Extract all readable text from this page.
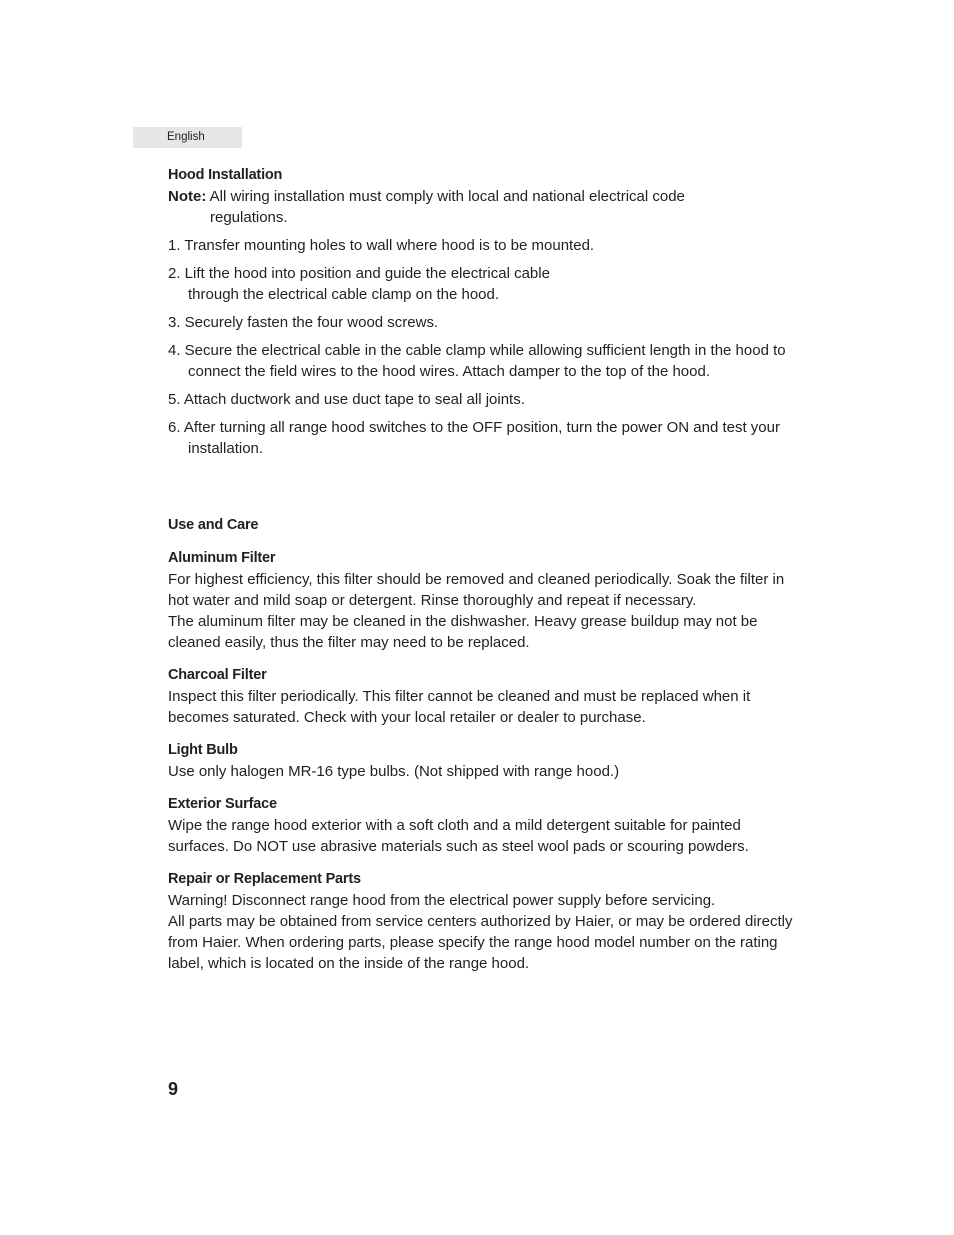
English
Hood Installation

Note: All wiring installation must comply with local and national electrical code regulations.

1. Transfer mounting holes to wall where hood is to be mounted.
2. Lift the hood into position and guide the electrical cable through the electrical cable clamp on the hood.
3. Securely fasten the four wood screws.
4. Secure the electrical cable in the cable clamp while allowing sufficient length in the hood to connect the field wires to the hood wires. Attach damper to the top of the hood.
5. Attach ductwork and use duct tape to seal all joints.
6. After turning all range hood switches to the OFF position, turn the power ON and test your installation.
Use and Care
Aluminum Filter

For highest efficiency, this filter should be removed and cleaned periodically. Soak the filter in hot water and mild soap or detergent. Rinse thoroughly and repeat if necessary.

The aluminum filter may be cleaned in the dishwasher. Heavy grease buildup may not be cleaned easily, thus the filter may need to be replaced.

Charcoal Filter

Inspect this filter periodically. This filter cannot be cleaned and must be replaced when it becomes saturated. Check with your local retailer or dealer to purchase.

Light Bulb

Use only halogen MR-16 type bulbs. (Not shipped with range hood.)

Exterior Surface

Wipe the range hood exterior with a soft cloth and a mild detergent suitable for painted surfaces. Do NOT use abrasive materials such as steel wool pads or scouring powders.

Repair or Replacement Parts

Warning! Disconnect range hood from the electrical power supply before servicing.

All parts may be obtained from service centers authorized by Haier, or may be ordered directly from Haier. When ordering parts, please specify the range hood model number on the rating label, which is located on the inside of the range hood.

9
